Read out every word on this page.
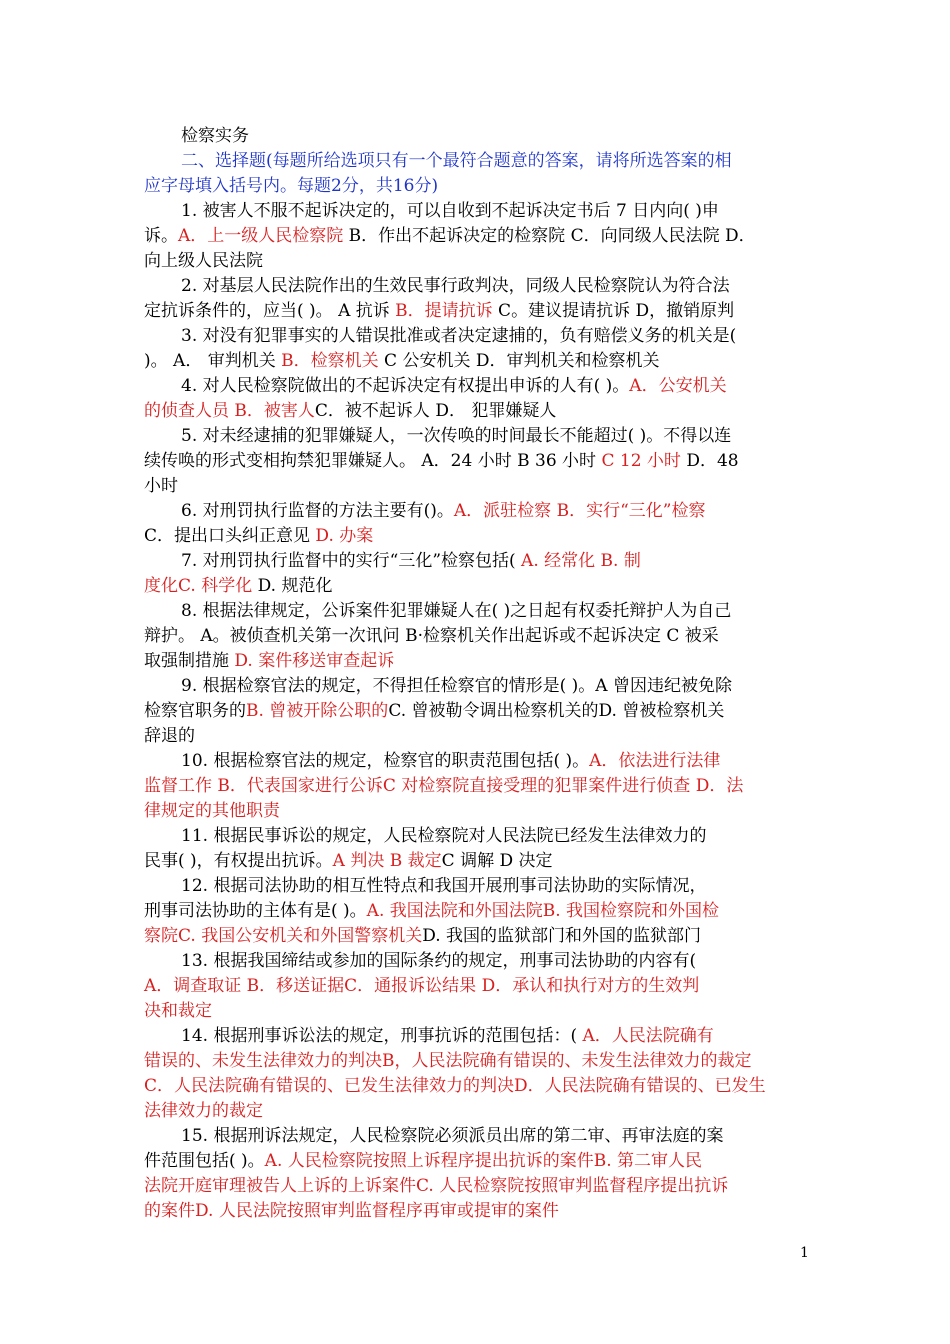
检察实务
二、选择题(每题所给选项只有一个最符合题意的答案，请将所选答案的相
应字母填入括号内。每题2分，共16分)
1. 被害人不服不起诉决定的，可以自收到不起诉决定书后 7 日内向( )申
诉。A．上一级人民检察院 B．作出不起诉决定的检察院 C．向同级人民法院 D．
向上级人民法院
2. 对基层人民法院作出的生效民事行政判决，同级人民检察院认为符合法
定抗诉条件的，应当( )。 A 抗诉 B．提请抗诉 C。建议提请抗诉 D，撤销原判
3. 对没有犯罪事实的人错误批准或者决定逮捕的，负有赔偿义务的机关是(
)。 A． 审判机关 B．检察机关 C 公安机关 D．审判机关和检察机关
4. 对人民检察院做出的不起诉决定有权提出申诉的人有( )。A．公安机关
的侦查人员 B．被害人C．被不起诉人 D． 犯罪嫌疑人
5. 对未经逮捕的犯罪嫌疑人，一次传唤的时间最长不能超过( )。不得以连
续传唤的形式变相拘禁犯罪嫌疑人。 A．24 小时 B 36 小时 C 12 小时 D．48
小时
6. 对刑罚执行监督的方法主要有()。A．派驻检察 B．实行“三化”检察
C．提出口头纠正意见 D. 办案
7. 对刑罚执行监督中的实行“三化”检察包括( A. 经常化 B. 制
度化C. 科学化 D. 规范化
8. 根据法律规定，公诉案件犯罪嫌疑人在( )之日起有权委托辩护人为自己
辩护。 A。被侦查机关第一次讯问 B·检察机关作出起诉或不起诉决定 C 被采
取强制措施 D. 案件移送审查起诉
9. 根据检察官法的规定，不得担任检察官的情形是( )。A 曾因违纪被免除
检察官职务的B. 曾被开除公职的C. 曾被勒令调出检察机关的D. 曾被检察机关
辞退的
10. 根据检察官法的规定，检察官的职责范围包括( )。A．依法进行法律
监督工作 B．代表国家进行公诉C 对检察院直接受理的犯罪案件进行侦查 D．法
律规定的其他职责
11. 根据民事诉讼的规定，人民检察院对人民法院已经发生法律效力的
民事( )，有权提出抗诉。A 判决 B 裁定C 调解 D 决定
12. 根据司法协助的相互性特点和我国开展刑事司法协助的实际情况，
刑事司法协助的主体有是( )。A. 我国法院和外国法院B. 我国检察院和外国检
察院C. 我国公安机关和外国警察机关D. 我国的监狱部门和外国的监狱部门
13. 根据我国缔结或参加的国际条约的规定，刑事司法协助的内容有(
A．调查取证 B．移送证据C．通报诉讼结果 D．承认和执行对方的生效判
决和裁定
14. 根据刑事诉讼法的规定，刑事抗诉的范围包括：( A．人民法院确有
错误的、未发生法律效力的判决B，人民法院确有错误的、未发生法律效力的裁定
C．人民法院确有错误的、已发生法律效力的判决D．人民法院确有错误的、已发生
法律效力的裁定
15. 根据刑诉法规定，人民检察院必须派员出席的第二审、再审法庭的案
件范围包括( )。A. 人民检察院按照上诉程序提出抗诉的案件B. 第二审人民
法院开庭审理被告人上诉的上诉案件C. 人民检察院按照审判监督程序提出抗诉
的案件D. 人民法院按照审判监督程序再审或提审的案件
1
